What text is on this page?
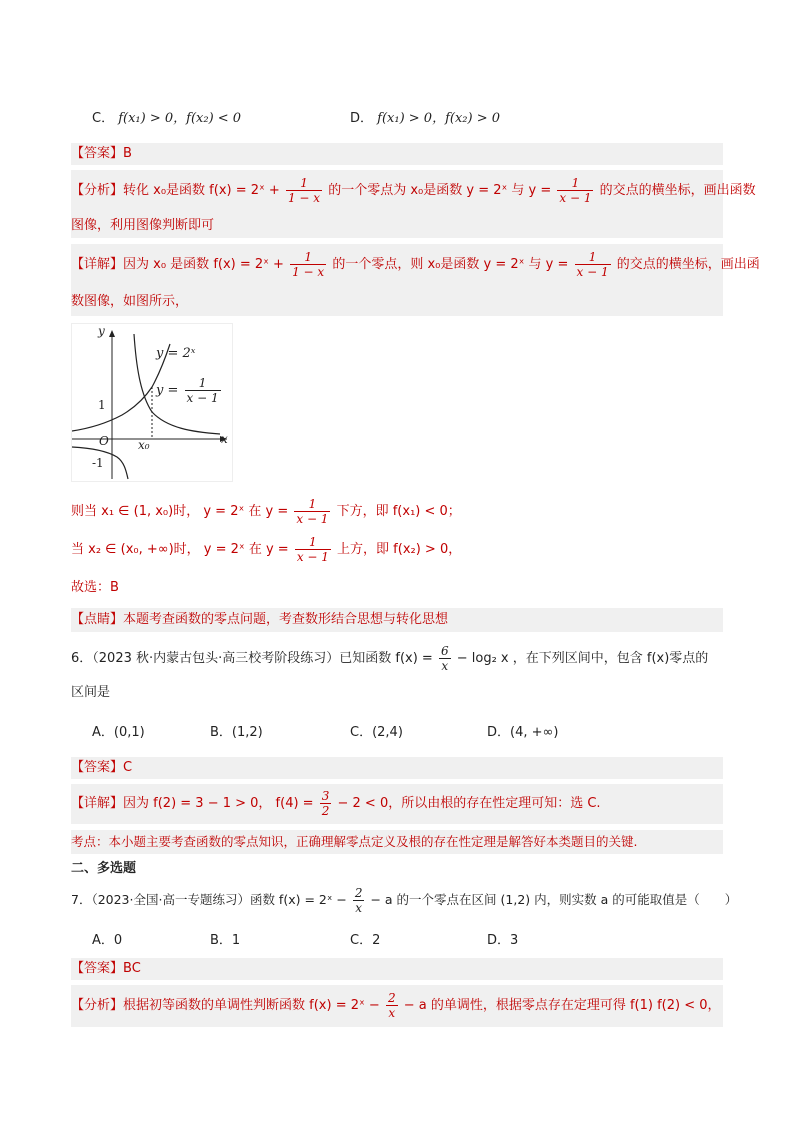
C． f(x₁) > 0，f(x₂) < 0	D． f(x₁) > 0，f(x₂) > 0
【答案】B
【分析】转化 x₀是函数 f(x) = 2ˣ + $\frac{1}{1 - x}$ 的一个零点为 x₀是函数 y = 2ˣ 与 $y = \frac{1}{x - 1}$ 的交点的横坐标，画出函数
图像，利用图像判断即可
【详解】因为 x₀ 是函数 f(x) = 2ˣ + $\frac{1}{1 - x}$ 的一个零点，则 x₀是函数 y = 2ˣ 与 $y = \frac{1}{x - 1}$ 的交点的横坐标，画出函
数图像，如图所示，
y
x
y = 2ˣ
$y = \frac{1}{x - 1}$
1
O x₀
-1
则当 x₁ ∈ (1, x₀)时， y = 2ˣ 在 $y = \frac{1}{x - 1}$ 下方，即 f(x₁) < 0；
当 x₂ ∈ (x₀, +∞)时， y = 2ˣ 在 $y = \frac{1}{x - 1}$ 上方，即 f(x₂) > 0，
故选：B
【点睛】本题考查函数的零点问题，考查数形结合思想与转化思想
6．（2023 秋·内蒙古包头·高三校考阶段练习）已知函数 $f(x) = \frac{6}{x} - \log_2$ x ，在下列区间中，包含 f(x)零点的
区间是
A．(0,1)	B．(1,2)	C．(2,4)	D．(4, +∞)
【答案】C
【详解】因为 f(2) = 3 − 1 > 0， $f(4) = \frac{3}{2} - 2 < 0$，所以由根的存在性定理可知：选 C.
考点：本小题主要考查函数的零点知识，正确理解零点定义及根的存在性定理是解答好本类题目的关键.
二、多选题
7．（2023·全国·高一专题练习）函数 f(x) = 2ˣ − $\frac{2}{x} - a$ 的一个零点在区间 (1,2) 内，则实数 a 的可能取值是（　　）
A．0	B．1	C．2	D．3
【答案】BC
【分析】根据初等函数的单调性判断函数 f(x) = 2ˣ − $\frac{2}{x} - a$ 的单调性，根据零点存在定理可得 f(1) f(2) < 0，
